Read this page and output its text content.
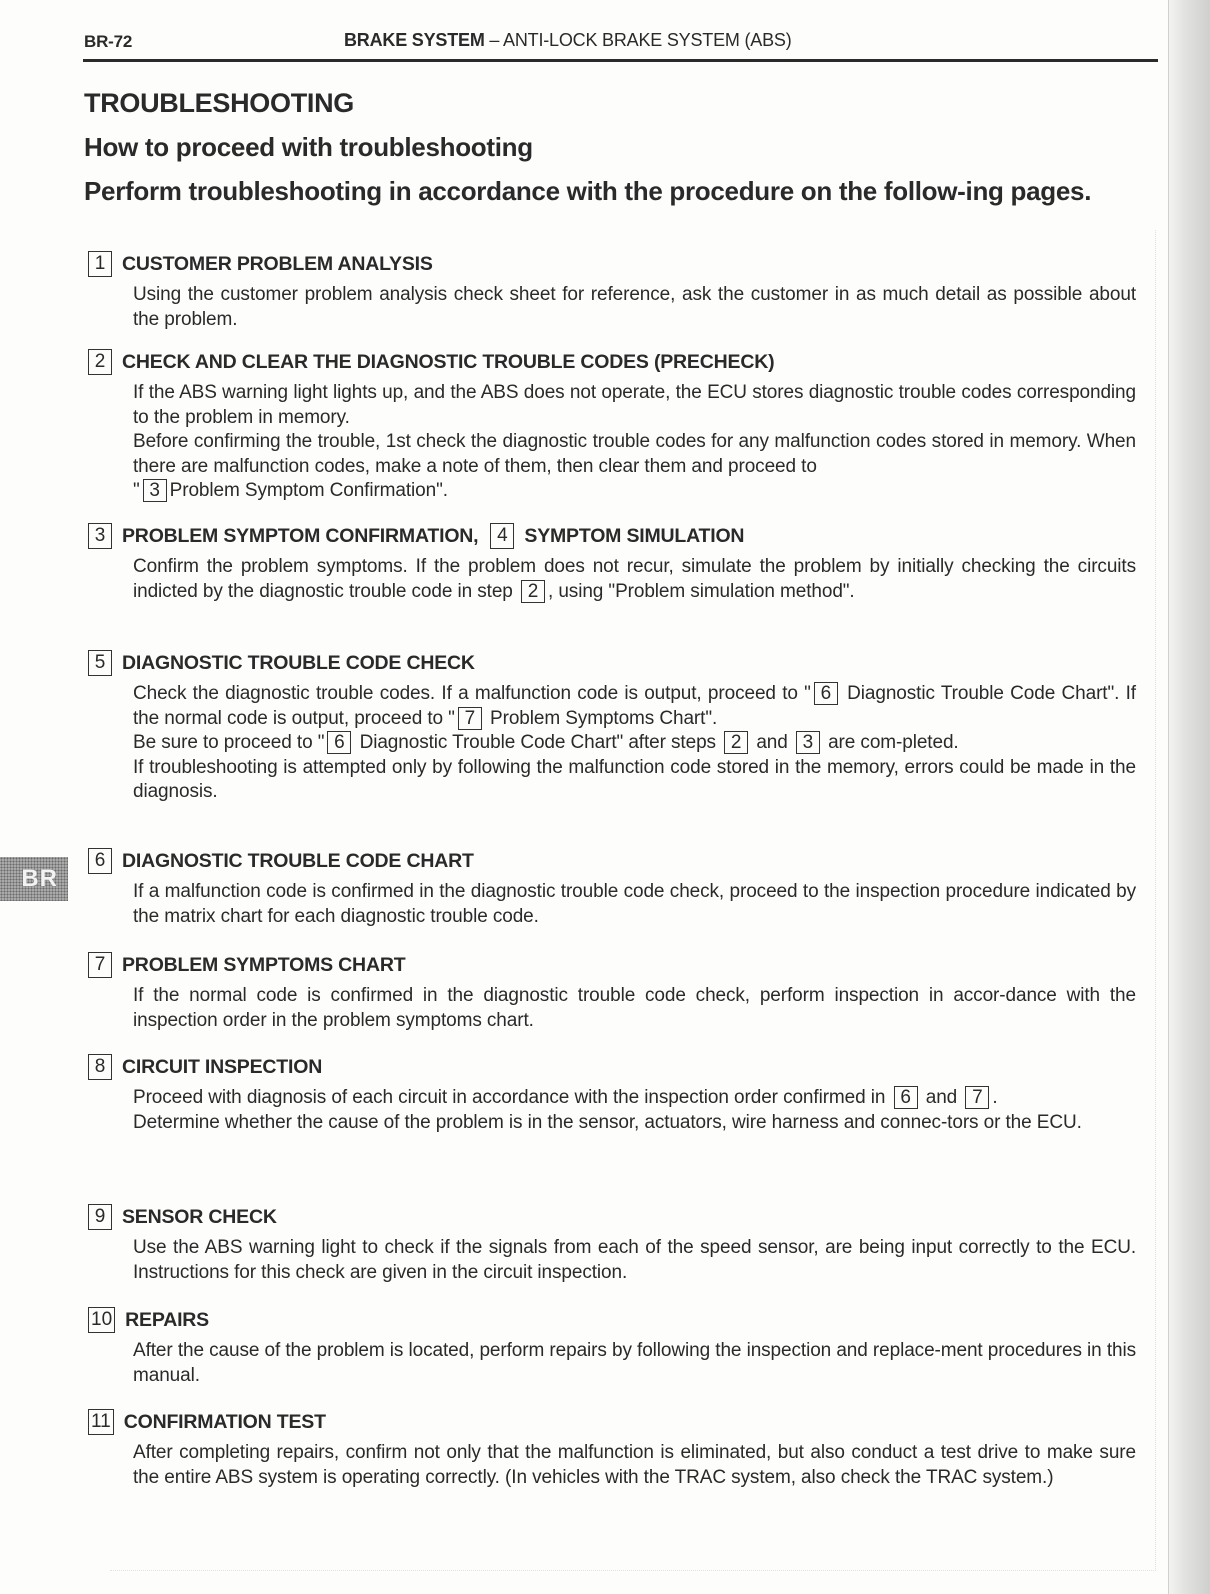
BR-72	BRAKE SYSTEM – ANTI-LOCK BRAKE SYSTEM (ABS)
TROUBLESHOOTING
How to proceed with troubleshooting
Perform troubleshooting in accordance with the procedure on the follow-ing pages.
1 CUSTOMER PROBLEM ANALYSIS

Using the customer problem analysis check sheet for reference, ask the customer in as much detail as possible about the problem.

2 CHECK AND CLEAR THE DIAGNOSTIC TROUBLE CODES (PRECHECK)

If the ABS warning light lights up, and the ABS does not operate, the ECU stores diagnostic trouble codes corresponding to the problem in memory.

Before confirming the trouble, 1st check the diagnostic trouble codes for any malfunction codes stored in memory. When there are malfunction codes, make a note of them, then clear them and proceed to

" 3 Problem Symptom Confirmation".

3 PROBLEM SYMPTOM CONFIRMATION, 4 SYMPTOM SIMULATION

Confirm the problem symptoms. If the problem does not recur, simulate the problem by initially checking the circuits indicted by the diagnostic trouble code in step 2 , using "Problem simulation method".

5 DIAGNOSTIC TROUBLE CODE CHECK

Check the diagnostic trouble codes. If a malfunction code is output, proceed to " 6 Diagnostic Trouble Code Chart". If the normal code is output, proceed to " 7 Problem Symptoms Chart".

Be sure to proceed to " 6 Diagnostic Trouble Code Chart" after steps 2 and 3 are com-pleted.

If troubleshooting is attempted only by following the malfunction code stored in the memory, errors could be made in the diagnosis.

BR
6 DIAGNOSTIC TROUBLE CODE CHART

If a malfunction code is confirmed in the diagnostic trouble code check, proceed to the inspection procedure indicated by the matrix chart for each diagnostic trouble code.

7 PROBLEM SYMPTOMS CHART

If the normal code is confirmed in the diagnostic trouble code check, perform inspection in accor-dance with the inspection order in the problem symptoms chart.

8 CIRCUIT INSPECTION

Proceed with diagnosis of each circuit in accordance with the inspection order confirmed in 6 and 7 .

Determine whether the cause of the problem is in the sensor, actuators, wire harness and connec-tors or the ECU.

9 SENSOR CHECK

Use the ABS warning light to check if the signals from each of the speed sensor, are being input correctly to the ECU. Instructions for this check are given in the circuit inspection.

10 REPAIRS

After the cause of the problem is located, perform repairs by following the inspection and replace-ment procedures in this manual.

11 CONFIRMATION TEST

After completing repairs, confirm not only that the malfunction is eliminated, but also conduct a test drive to make sure the entire ABS system is operating correctly. (In vehicles with the TRAC system, also check the TRAC system.)
